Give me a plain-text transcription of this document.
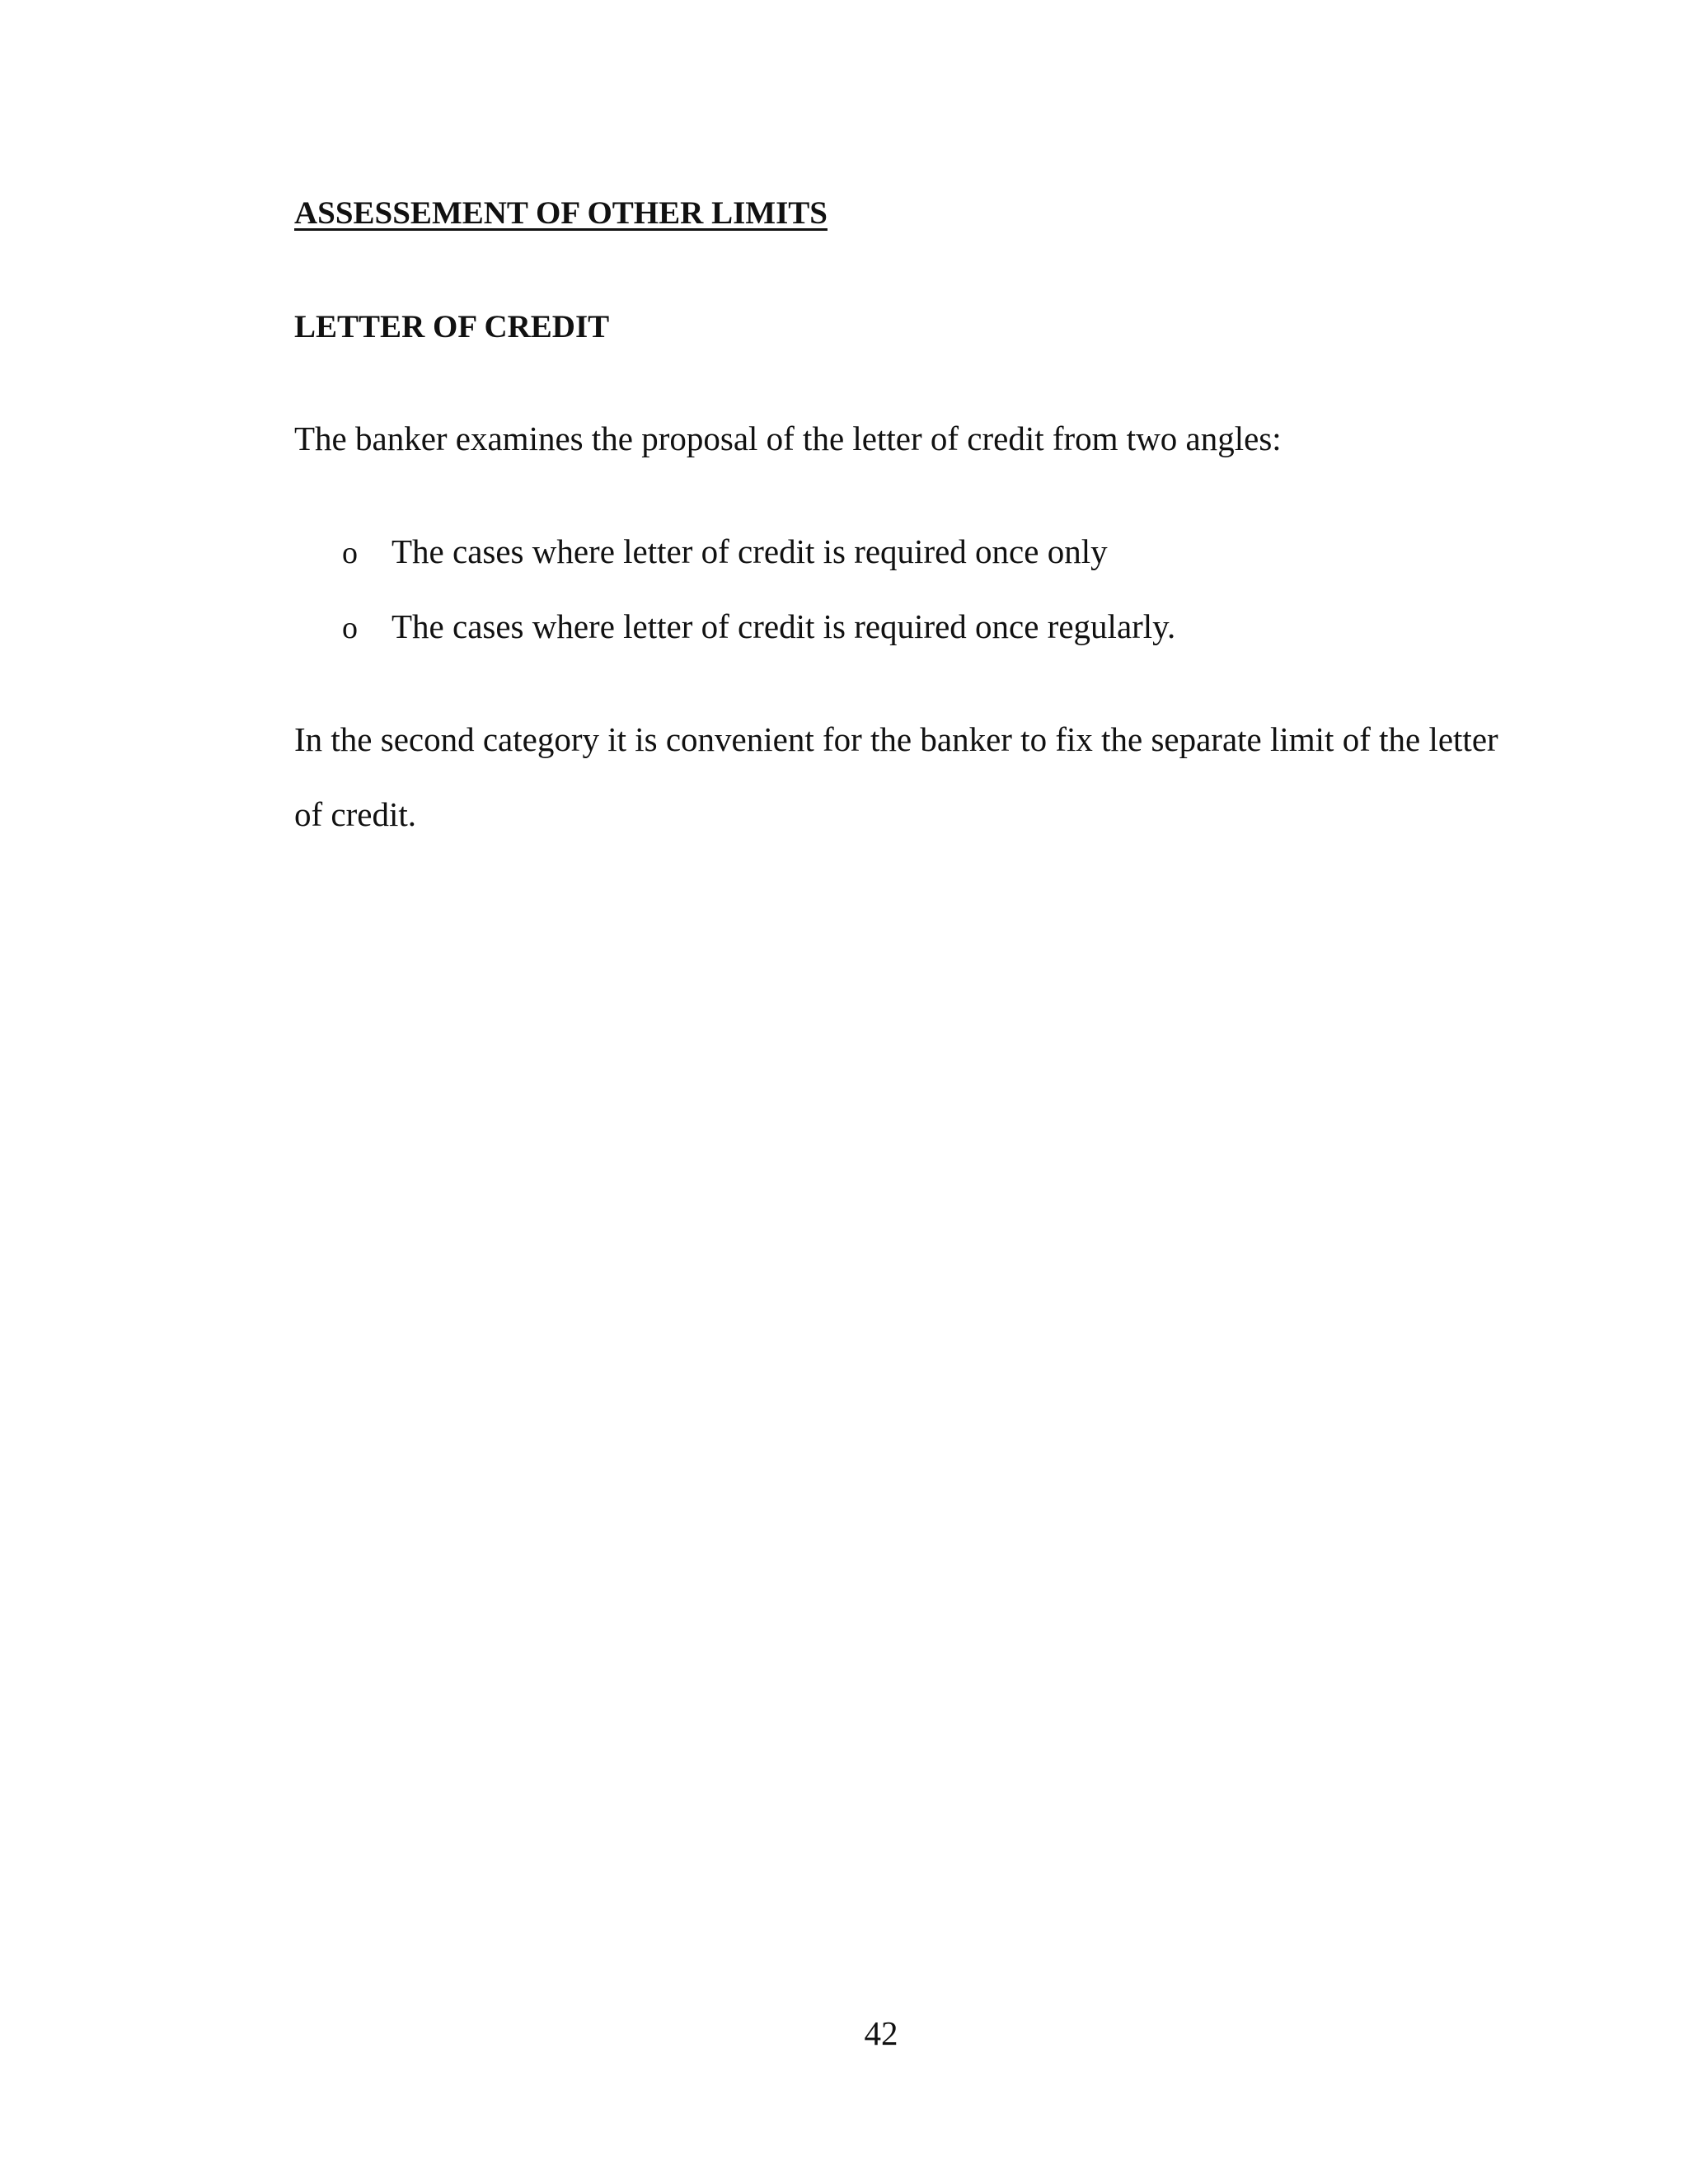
ASSESSEMENT OF OTHER LIMITS
LETTER OF CREDIT
The banker examines the proposal of the letter of credit from two angles:
o The cases where letter of credit is required once only
o The cases where letter of credit is required once regularly.
In the second category it is convenient for the banker to fix the separate limit of the letter
of credit.
42
